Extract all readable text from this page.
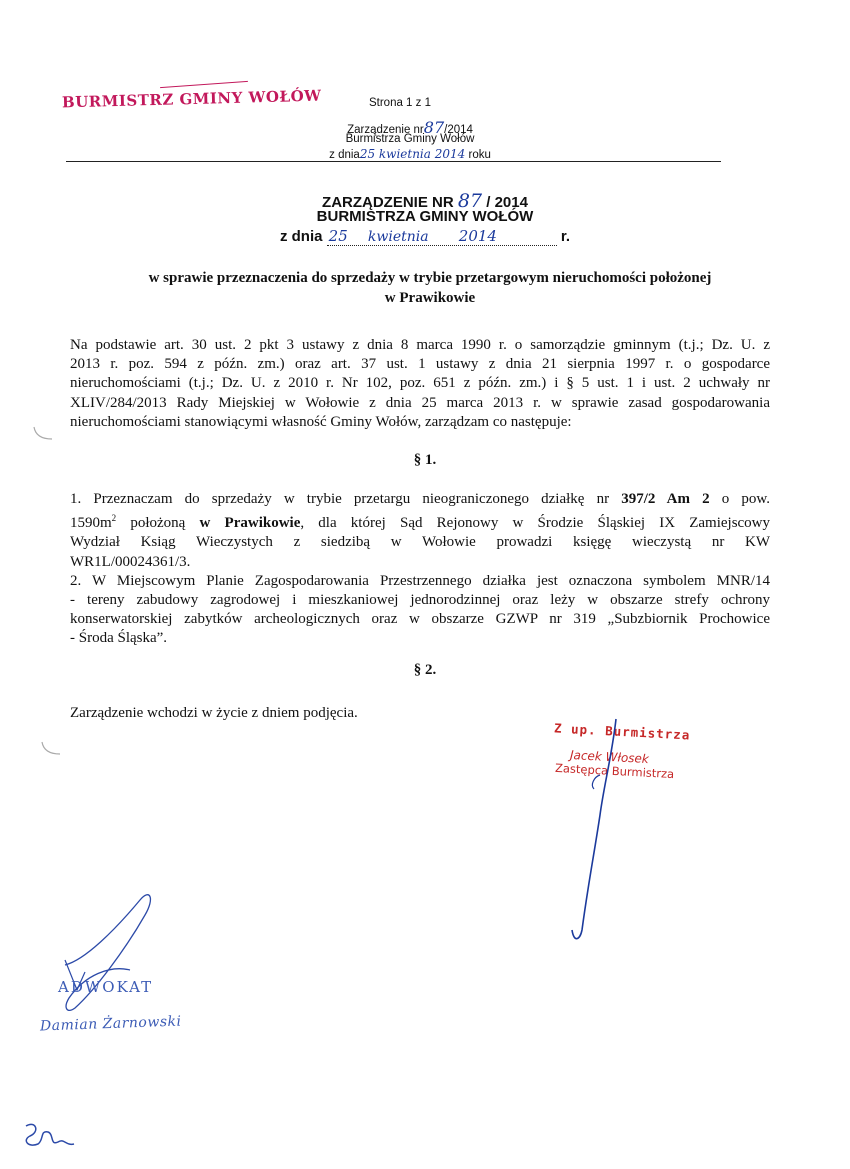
BURMISTRZ GMINY WOŁÓW	Strona 1 z 1
Zarządzenie nr87/2014
Burmistrza Gminy Wołów
z dnia25 kwietnia 2014 roku
ZARZĄDZENIE NR 87 / 2014
BURMISTRZA GMINY WOŁÓW
z dnia 25 kwietnia 2014	r.
w sprawie przeznaczenia do sprzedaży w trybie przetargowym nieruchomości położonej
w Prawikowie
Na podstawie art. 30 ust. 2 pkt 3 ustawy z dnia 8 marca 1990 r. o samorządzie gminnym (t.j.; Dz. U. z
2013 r. poz. 594 z późn. zm.) oraz art. 37 ust. 1 ustawy z dnia 21 sierpnia 1997 r. o gospodarce
nieruchomościami (t.j.; Dz. U. z 2010 r. Nr 102, poz. 651 z późn. zm.) i § 5 ust. 1 i ust. 2 uchwały nr
XLIV/284/2013 Rady Miejskiej w Wołowie z dnia 25 marca 2013 r. w sprawie zasad gospodarowania
nieruchomościami stanowiącymi własność Gminy Wołów, zarządzam co następuje:
§ 1.
1. Przeznaczam do sprzedaży w trybie przetargu nieograniczonego działkę nr 397/2 Am 2 o pow.
$1590m^2$ położoną w Prawikowie, dla której Sąd Rejonowy w Środzie Śląskiej IX Zamiejscowy
Wydział Ksiąg Wieczystych z siedzibą w Wołowie prowadzi księgę wieczystą nr KW
WR1L/00024361/3.
2. W Miejscowym Planie Zagospodarowania Przestrzennego działka jest oznaczona symbolem MNR/14
- tereny zabudowy zagrodowej i mieszkaniowej jednorodzinnej oraz leży w obszarze strefy ochrony
konserwatorskiej zabytków archeologicznych oraz w obszarze GZWP nr 319 „Subzbiornik Prochowice
- Środa Śląska”.
§ 2.
Zarządzenie wchodzi w życie z dniem podjęcia.
Z up. Burmistrza
Jacek Włosek
Zastępca Burmistrza
ADWOKAT
Damian Żarnowski
